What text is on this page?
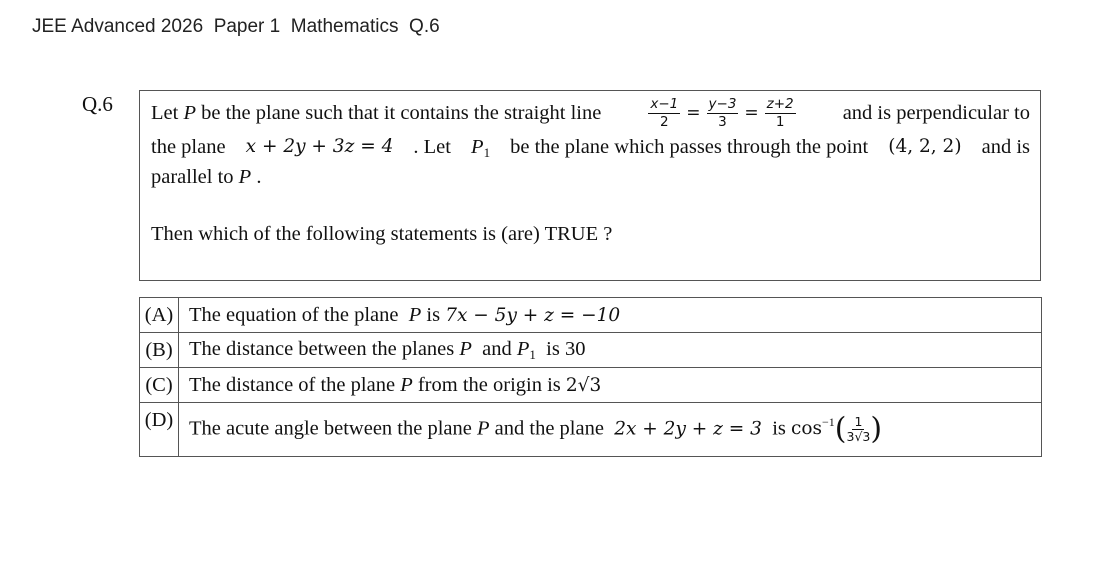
JEE Advanced 2026  Paper 1  Mathematics  Q.6
Q.6 Let P be the plane such that it contains the straight line	$\frac{x-1}{2} = \frac{y-3}{3} = \frac{z+2}{1}$ and is perpendicular to
the plane x + 2y + 3z = 4 . Let $P_1$ be the plane which passes through the point (4, 2, 2) and is
parallel to P .
Then which of the following statements is (are) TRUE ?
(A)	The equation of the plane P is 7x − 5y + z = −10
(B)	The distance between the planes P and $P_1$ is 30
(C)	The distance of the plane P from the origin is 2√3
(D)	The acute angle between the plane P and the plane 2x + 2y + z = 3 is $\cos^{-1}( \frac{1}{3√3}$ )
